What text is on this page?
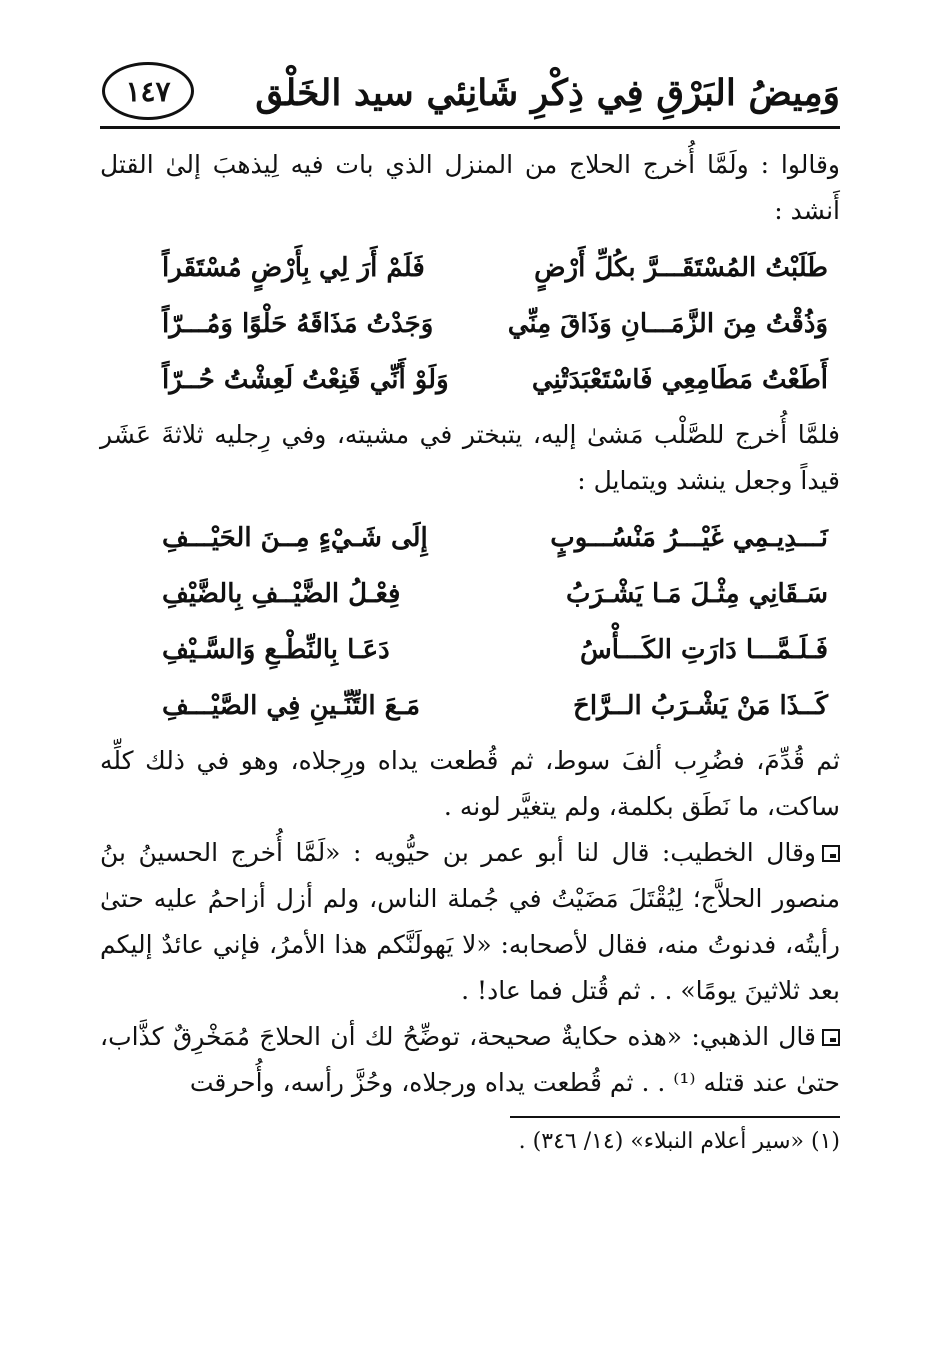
وَمِيضُ البَرْقِ فِي ذِكْرِ شَانِئي سيد الخَلْق
١٤٧

وقالوا : ولَمَّا أُخرج الحلاج من المنزل الذي بات فيه لِيذهبَ إلىٰ القتل أَنشد :

طَلَبْتُ المُسْتَقَـــرَّ بكُلِّ أَرْضٍ
فَلَمْ أَرَ لِي بِأَرْضٍ مُسْتَقَراً
وَذُقْتُ مِنَ الزَّمَـــانِ وَذَاقَ مِنِّي
وَجَدْتُ مَذَاقَهُ حَلْوًا وَمُـــرّاً
أَطَعْتُ مَطَامِعِي فَاسْتَعْبَدَتْنِي
وَلَوْ أَنِّي قَنِعْتُ لَعِشْتُ حُــرّاً

فلمَّا أُخرج للصَّلْب مَشىٰ إليه، يتبختر في مشيته، وفي رِجليه ثلاثةَ عَشَر قيداً وجعل ينشد ويتمايل :

نَـــدِيـمِي غَيْـــرُ مَنْسُـــوبٍ
إِلَى شَـيْءٍ مِــنَ الحَيْـــفِ
سَـقَانِي مِثْـلَ مَـا يَشْـرَبُ
فِعْـلُ الضَّيْــفِ بِالضَّيْفِ
فَـلَـمَّـــا دَارَتِ الكَـــأْسُ
دَعَـا بِالنِّطْـعِ وَالسَّـيْفِ
كَــذَا مَنْ يَشْـرَبُ الــرَّاحَ
مَـعَ التِّنِّـينِ فِي الصَّيْـــفِ

ثم قُدِّمَ، فضُرِب ألفَ سوط، ثم قُطعت يداه ورِجلاه، وهو في ذلك كلِّه ساكت، ما نَطَق بكلمة، ولم يتغيَّر لونه .

وقال الخطيب: قال لنا أبو عمر بن حيُّويه : «لَمَّا أُخرج الحسينُ بنُ منصور الحلاَّج؛ لِيُقْتَلَ مَضَيْتُ في جُملة الناس، ولم أزل أزاحمُ عليه حتىٰ رأيتُه، فدنوتُ منه، فقال لأصحابه: «لا يَهولَنَّكم هذا الأمرُ، فإني عائدٌ إليكم بعد ثلاثينَ يومًا» . . ثم قُتل فما عاد! .

قال الذهبي: «هذه حكايةٌ صحيحة، توضِّحُ لك أن الحلاجَ مُمَخْرِقٌ كذَّاب، حتىٰ عند قتله ⁽¹⁾ . . ثم قُطعت يداه ورجلاه، وحُزَّ رأسه، وأُحرقت

(١) «سير أعلام النبلاء» (١٤/ ٣٤٦) .
